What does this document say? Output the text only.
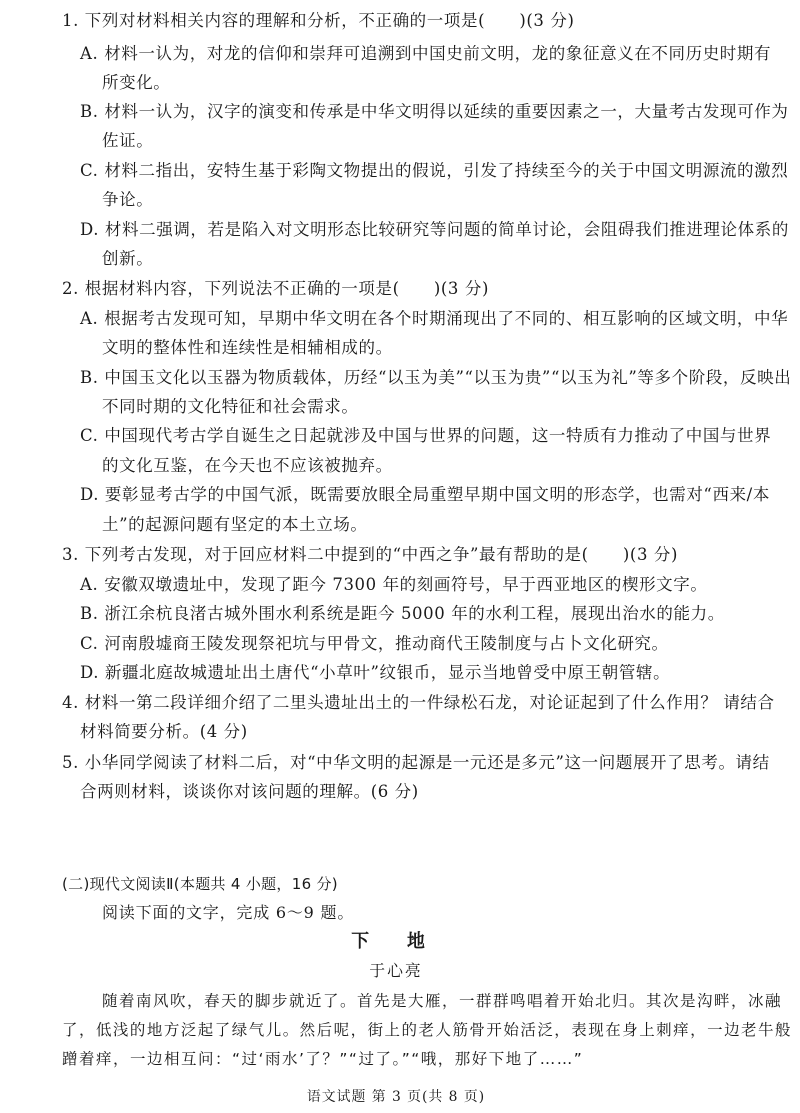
1. 下列对材料相关内容的理解和分析，不正确的一项是(　　)(3 分)
A. 材料一认为，对龙的信仰和崇拜可追溯到中国史前文明，龙的象征意义在不同历史时期有
所变化。
B. 材料一认为，汉字的演变和传承是中华文明得以延续的重要因素之一，大量考古发现可作为
佐证。
C. 材料二指出，安特生基于彩陶文物提出的假说，引发了持续至今的关于中国文明源流的激烈
争论。
D. 材料二强调，若是陷入对文明形态比较研究等问题的简单讨论，会阻碍我们推进理论体系的
创新。
2. 根据材料内容，下列说法不正确的一项是(　　)(3 分)
A. 根据考古发现可知，早期中华文明在各个时期涌现出了不同的、相互影响的区域文明，中华
文明的整体性和连续性是相辅相成的。
B. 中国玉文化以玉器为物质载体，历经“以玉为美”“以玉为贵”“以玉为礼”等多个阶段，反映出
不同时期的文化特征和社会需求。
C. 中国现代考古学自诞生之日起就涉及中国与世界的问题，这一特质有力推动了中国与世界
的文化互鉴，在今天也不应该被抛弃。
D. 要彰显考古学的中国气派，既需要放眼全局重塑早期中国文明的形态学，也需对“西来/本
土”的起源问题有坚定的本土立场。
3. 下列考古发现，对于回应材料二中提到的“中西之争”最有帮助的是(　　)(3 分)
A. 安徽双墩遗址中，发现了距今 7300 年的刻画符号，早于西亚地区的楔形文字。
B. 浙江余杭良渚古城外围水利系统是距今 5000 年的水利工程，展现出治水的能力。
C. 河南殷墟商王陵发现祭祀坑与甲骨文，推动商代王陵制度与占卜文化研究。
D. 新疆北庭故城遗址出土唐代“小草叶”纹银币，显示当地曾受中原王朝管辖。
4. 材料一第二段详细介绍了二里头遗址出土的一件绿松石龙，对论证起到了什么作用？ 请结合
材料简要分析。(4 分)
5. 小华同学阅读了材料二后，对“中华文明的起源是一元还是多元”这一问题展开了思考。请结
合两则材料，谈谈你对该问题的理解。(6 分)
(二)现代文阅读Ⅱ(本题共 4 小题，16 分)
阅读下面的文字，完成 6～9 题。
下 地
于心亮
随着南风吹，春天的脚步就近了。首先是大雁，一群群鸣唱着开始北归。其次是沟畔，冰融
了，低浅的地方泛起了绿气儿。然后呢，街上的老人筋骨开始活泛，表现在身上刺痒，一边老牛般
蹭着痒，一边相互问：“过‘雨水’了？”“过了。”“哦，那好下地了……”
语文试题 第 3 页(共 8 页)
